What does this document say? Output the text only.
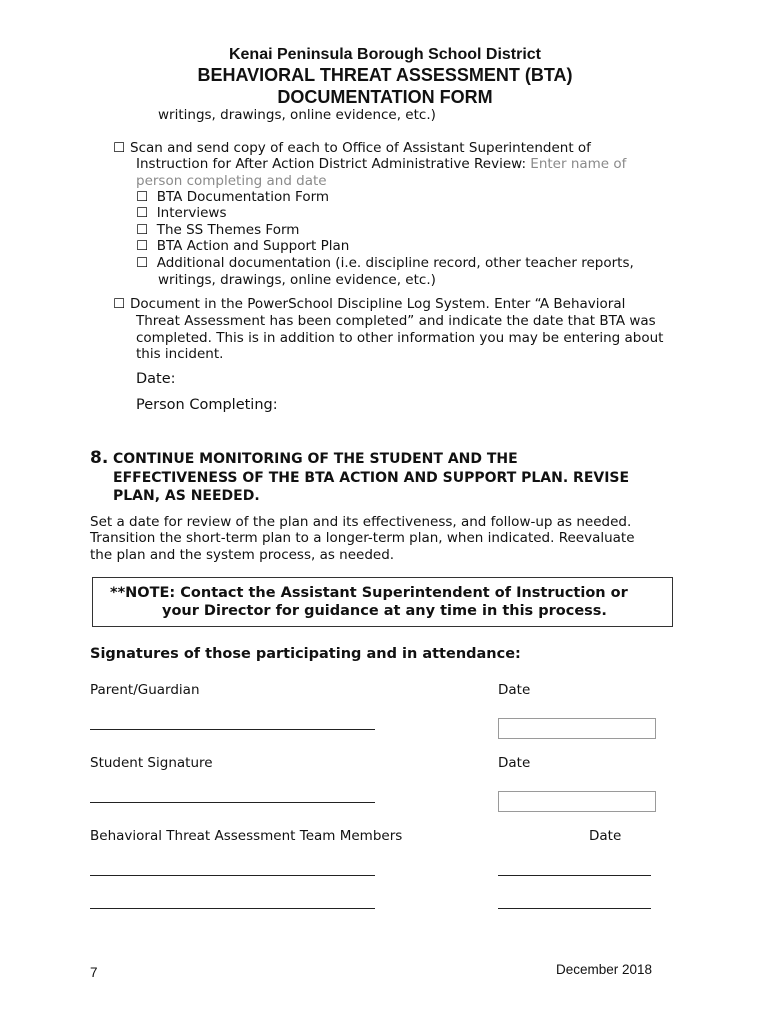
Kenai Peninsula Borough School District
BEHAVIORAL THREAT ASSESSMENT (BTA)
DOCUMENTATION FORM
writings, drawings, online evidence, etc.)
☐ Scan and send copy of each to Office of Assistant Superintendent of
Instruction for After Action District Administrative Review: Enter name of
person completing and date
☐ BTA Documentation Form
☐ Interviews
☐ The SS Themes Form
☐ BTA Action and Support Plan
☐ Additional documentation (i.e. discipline record, other teacher reports,
writings, drawings, online evidence, etc.)
☐ Document in the PowerSchool Discipline Log System. Enter “A Behavioral
Threat Assessment has been completed” and indicate the date that BTA was
completed. This is in addition to other information you may be entering about
this incident.
Date:
Person Completing:
8. CONTINUE MONITORING OF THE STUDENT AND THE
EFFECTIVENESS OF THE BTA ACTION AND SUPPORT PLAN. REVISE
PLAN, AS NEEDED.
Set a date for review of the plan and its effectiveness, and follow-up as needed.
Transition the short-term plan to a longer-term plan, when indicated. Reevaluate
the plan and the system process, as needed.
**NOTE: Contact the Assistant Superintendent of Instruction or
your Director for guidance at any time in this process.
Signatures of those participating and in attendance:
Parent/Guardian	Date
Student Signature	Date
Behavioral Threat Assessment Team Members	Date
7	December 2018
